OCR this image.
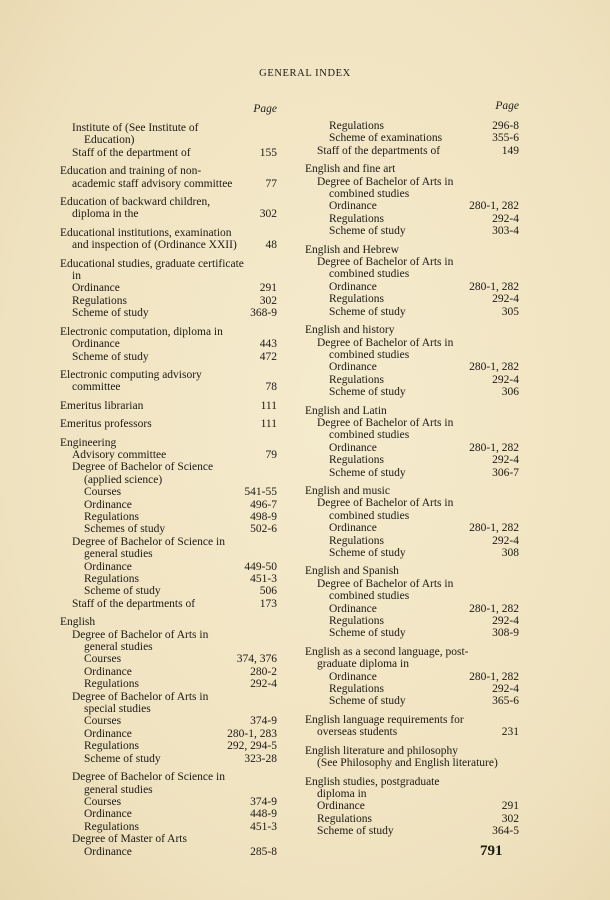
GENERAL INDEX
Page
Institute of (See Institute of
Education)
Staff of the department of	155
Education and training of non-
academic staff advisory committee	77
Education of backward children,
diploma in the	302
Educational institutions, examination
and inspection of (Ordinance XXII)	48
Educational studies, graduate certificate
in
Ordinance	291
Regulations	302
Scheme of study	368-9
Electronic computation, diploma in
Ordinance	443
Scheme of study	472
Electronic computing advisory
committee	78
Emeritus librarian	111
Emeritus professors	111
Engineering
Advisory committee	79
Degree of Bachelor of Science
(applied science)
Courses	541-55
Ordinance	496-7
Regulations	498-9
Schemes of study	502-6
Degree of Bachelor of Science in
general studies
Ordinance	449-50
Regulations	451-3
Scheme of study	506
Staff of the departments of	173
English
Degree of Bachelor of Arts in
general studies
Courses	374, 376
Ordinance	280-2
Regulations	292-4
Degree of Bachelor of Arts in
special studies
Courses	374-9
Ordinance	280-1, 283
Regulations	292, 294-5
Scheme of study	323-28
Degree of Bachelor of Science in
general studies
Courses	374-9
Ordinance	448-9
Regulations	451-3
Degree of Master of Arts
Ordinance	285-8
Page
Regulations	296-8
Scheme of examinations	355-6
Staff of the departments of	149
English and fine art
Degree of Bachelor of Arts in
combined studies
Ordinance	280-1, 282
Regulations	292-4
Scheme of study	303-4
English and Hebrew
Degree of Bachelor of Arts in
combined studies
Ordinance	280-1, 282
Regulations	292-4
Scheme of study	305
English and history
Degree of Bachelor of Arts in
combined studies
Ordinance	280-1, 282
Regulations	292-4
Scheme of study	306
English and Latin
Degree of Bachelor of Arts in
combined studies
Ordinance	280-1, 282
Regulations	292-4
Scheme of study	306-7
English and music
Degree of Bachelor of Arts in
combined studies
Ordinance	280-1, 282
Regulations	292-4
Scheme of study	308
English and Spanish
Degree of Bachelor of Arts in
combined studies
Ordinance	280-1, 282
Regulations	292-4
Scheme of study	308-9
English as a second language, post-
graduate diploma in
Ordinance	280-1, 282
Regulations	292-4
Scheme of study	365-6
English language requirements for
overseas students	231
English literature and philosophy
(See Philosophy and English literature)
English studies, postgraduate
diploma in
Ordinance	291
Regulations	302
Scheme of study	364-5
791
